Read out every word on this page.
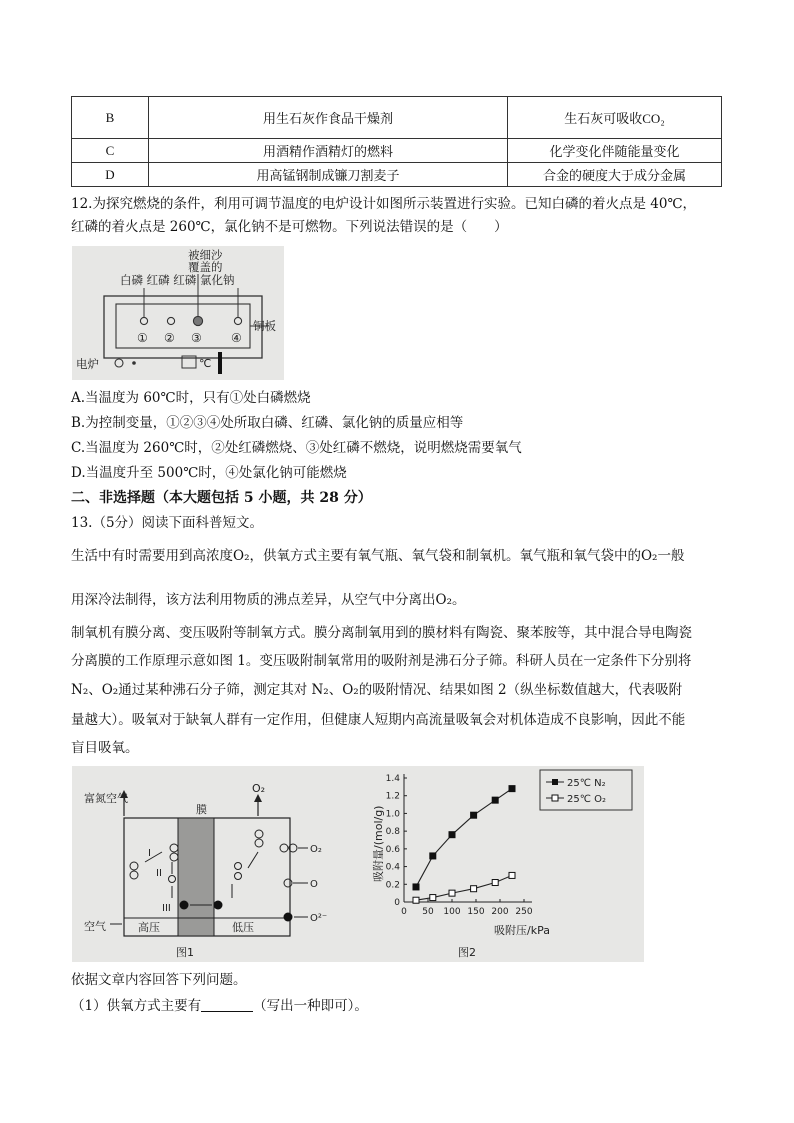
B	用生石灰作食品干燥剂	生石灰可吸收CO₂
C	用酒精作酒精灯的燃料	化学变化伴随能量变化
D	用高锰钢制成镰刀割麦子	合金的硬度大于成分金属
12.为探究燃烧的条件，利用可调节温度的电炉设计如图所示装置进行实验。已知白磷的着火点是 40℃，
红磷的着火点是 260℃，氯化钠不是可燃物。下列说法错误的是（　　）
被细沙
覆盖的
白磷 红磷 红磷 氯化钠
① ② ③ ④
铜板
电炉	℃
A.当温度为 60℃时，只有①处白磷燃烧
B.为控制变量，①②③④处所取白磷、红磷、氯化钠的质量应相等
C.当温度为 260℃时，②处红磷燃烧、③处红磷不燃烧，说明燃烧需要氧气
D.当温度升至 500℃时，④处氯化钠可能燃烧
二、非选择题（本大题包括 5 小题，共 28 分）
13.（5分）阅读下面科普短文。
生活中有时需要用到高浓度O₂，供氧方式主要有氧气瓶、氧气袋和制氧机。氧气瓶和氧气袋中的O₂一般
用深冷法制得，该方法利用物质的沸点差异，从空气中分离出O₂。
制氧机有膜分离、变压吸附等制氧方式。膜分离制氧用到的膜材料有陶瓷、聚苯胺等，其中混合导电陶瓷
分离膜的工作原理示意如图 1。变压吸附制氧常用的吸附剂是沸石分子筛。科研人员在一定条件下分别将
N₂、O₂通过某种沸石分子筛，测定其对 N₂、O₂的吸附情况、结果如图 2（纵坐标数值越大，代表吸附
量越大）。吸氧对于缺氧人群有一定作用，但健康人短期内高流量吸氧会对机体造成不良影响，因此不能
盲目吸氧。
富氮空气
膜
O₂
空气	高压	低压
图1
I
II
III
O₂
O
O²⁻
吸附量/(mol/g)
1.4
1.2
1.0
0.8
0.6
0.4
0.2
0
0 50 100 150 200 250
吸附压/kPa
图2
25℃ N₂
25℃ O₂
依据文章内容回答下列问题。
（1）供氧方式主要有	（写出一种即可）。
